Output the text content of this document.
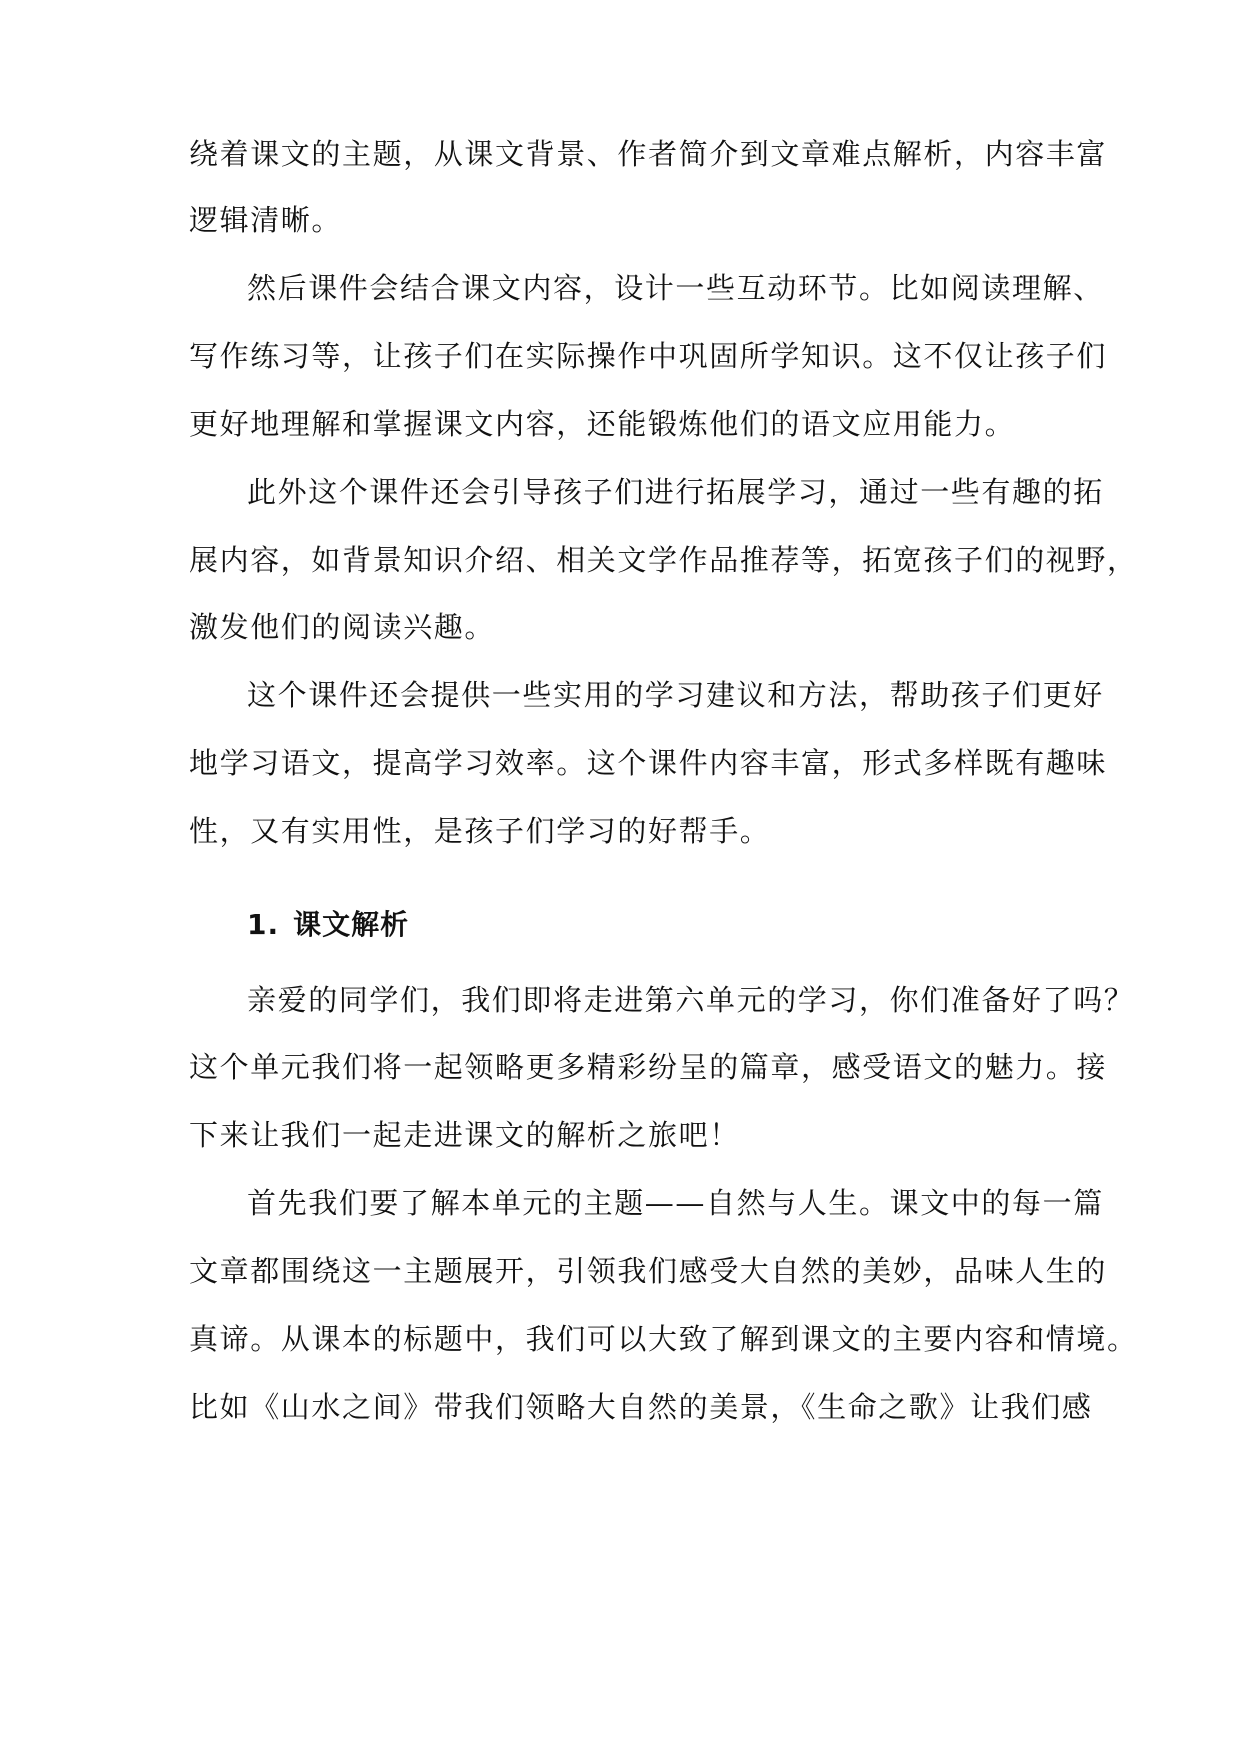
绕着课文的主题，从课文背景、作者简介到文章难点解析，内容丰富

逻辑清晰。

然后课件会结合课文内容，设计一些互动环节。比如阅读理解、

写作练习等，让孩子们在实际操作中巩固所学知识。这不仅让孩子们

更好地理解和掌握课文内容，还能锻炼他们的语文应用能力。

此外这个课件还会引导孩子们进行拓展学习，通过一些有趣的拓

展内容，如背景知识介绍、相关文学作品推荐等，拓宽孩子们的视野，

激发他们的阅读兴趣。

这个课件还会提供一些实用的学习建议和方法，帮助孩子们更好

地学习语文，提高学习效率。这个课件内容丰富，形式多样既有趣味

性，又有实用性，是孩子们学习的好帮手。

1. 课文解析

亲爱的同学们，我们即将走进第六单元的学习，你们准备好了吗？

这个单元我们将一起领略更多精彩纷呈的篇章，感受语文的魅力。接

下来让我们一起走进课文的解析之旅吧！

首先我们要了解本单元的主题——自然与人生。课文中的每一篇

文章都围绕这一主题展开，引领我们感受大自然的美妙，品味人生的

真谛。从课本的标题中，我们可以大致了解到课文的主要内容和情境。

比如《山水之间》带我们领略大自然的美景，《生命之歌》让我们感
